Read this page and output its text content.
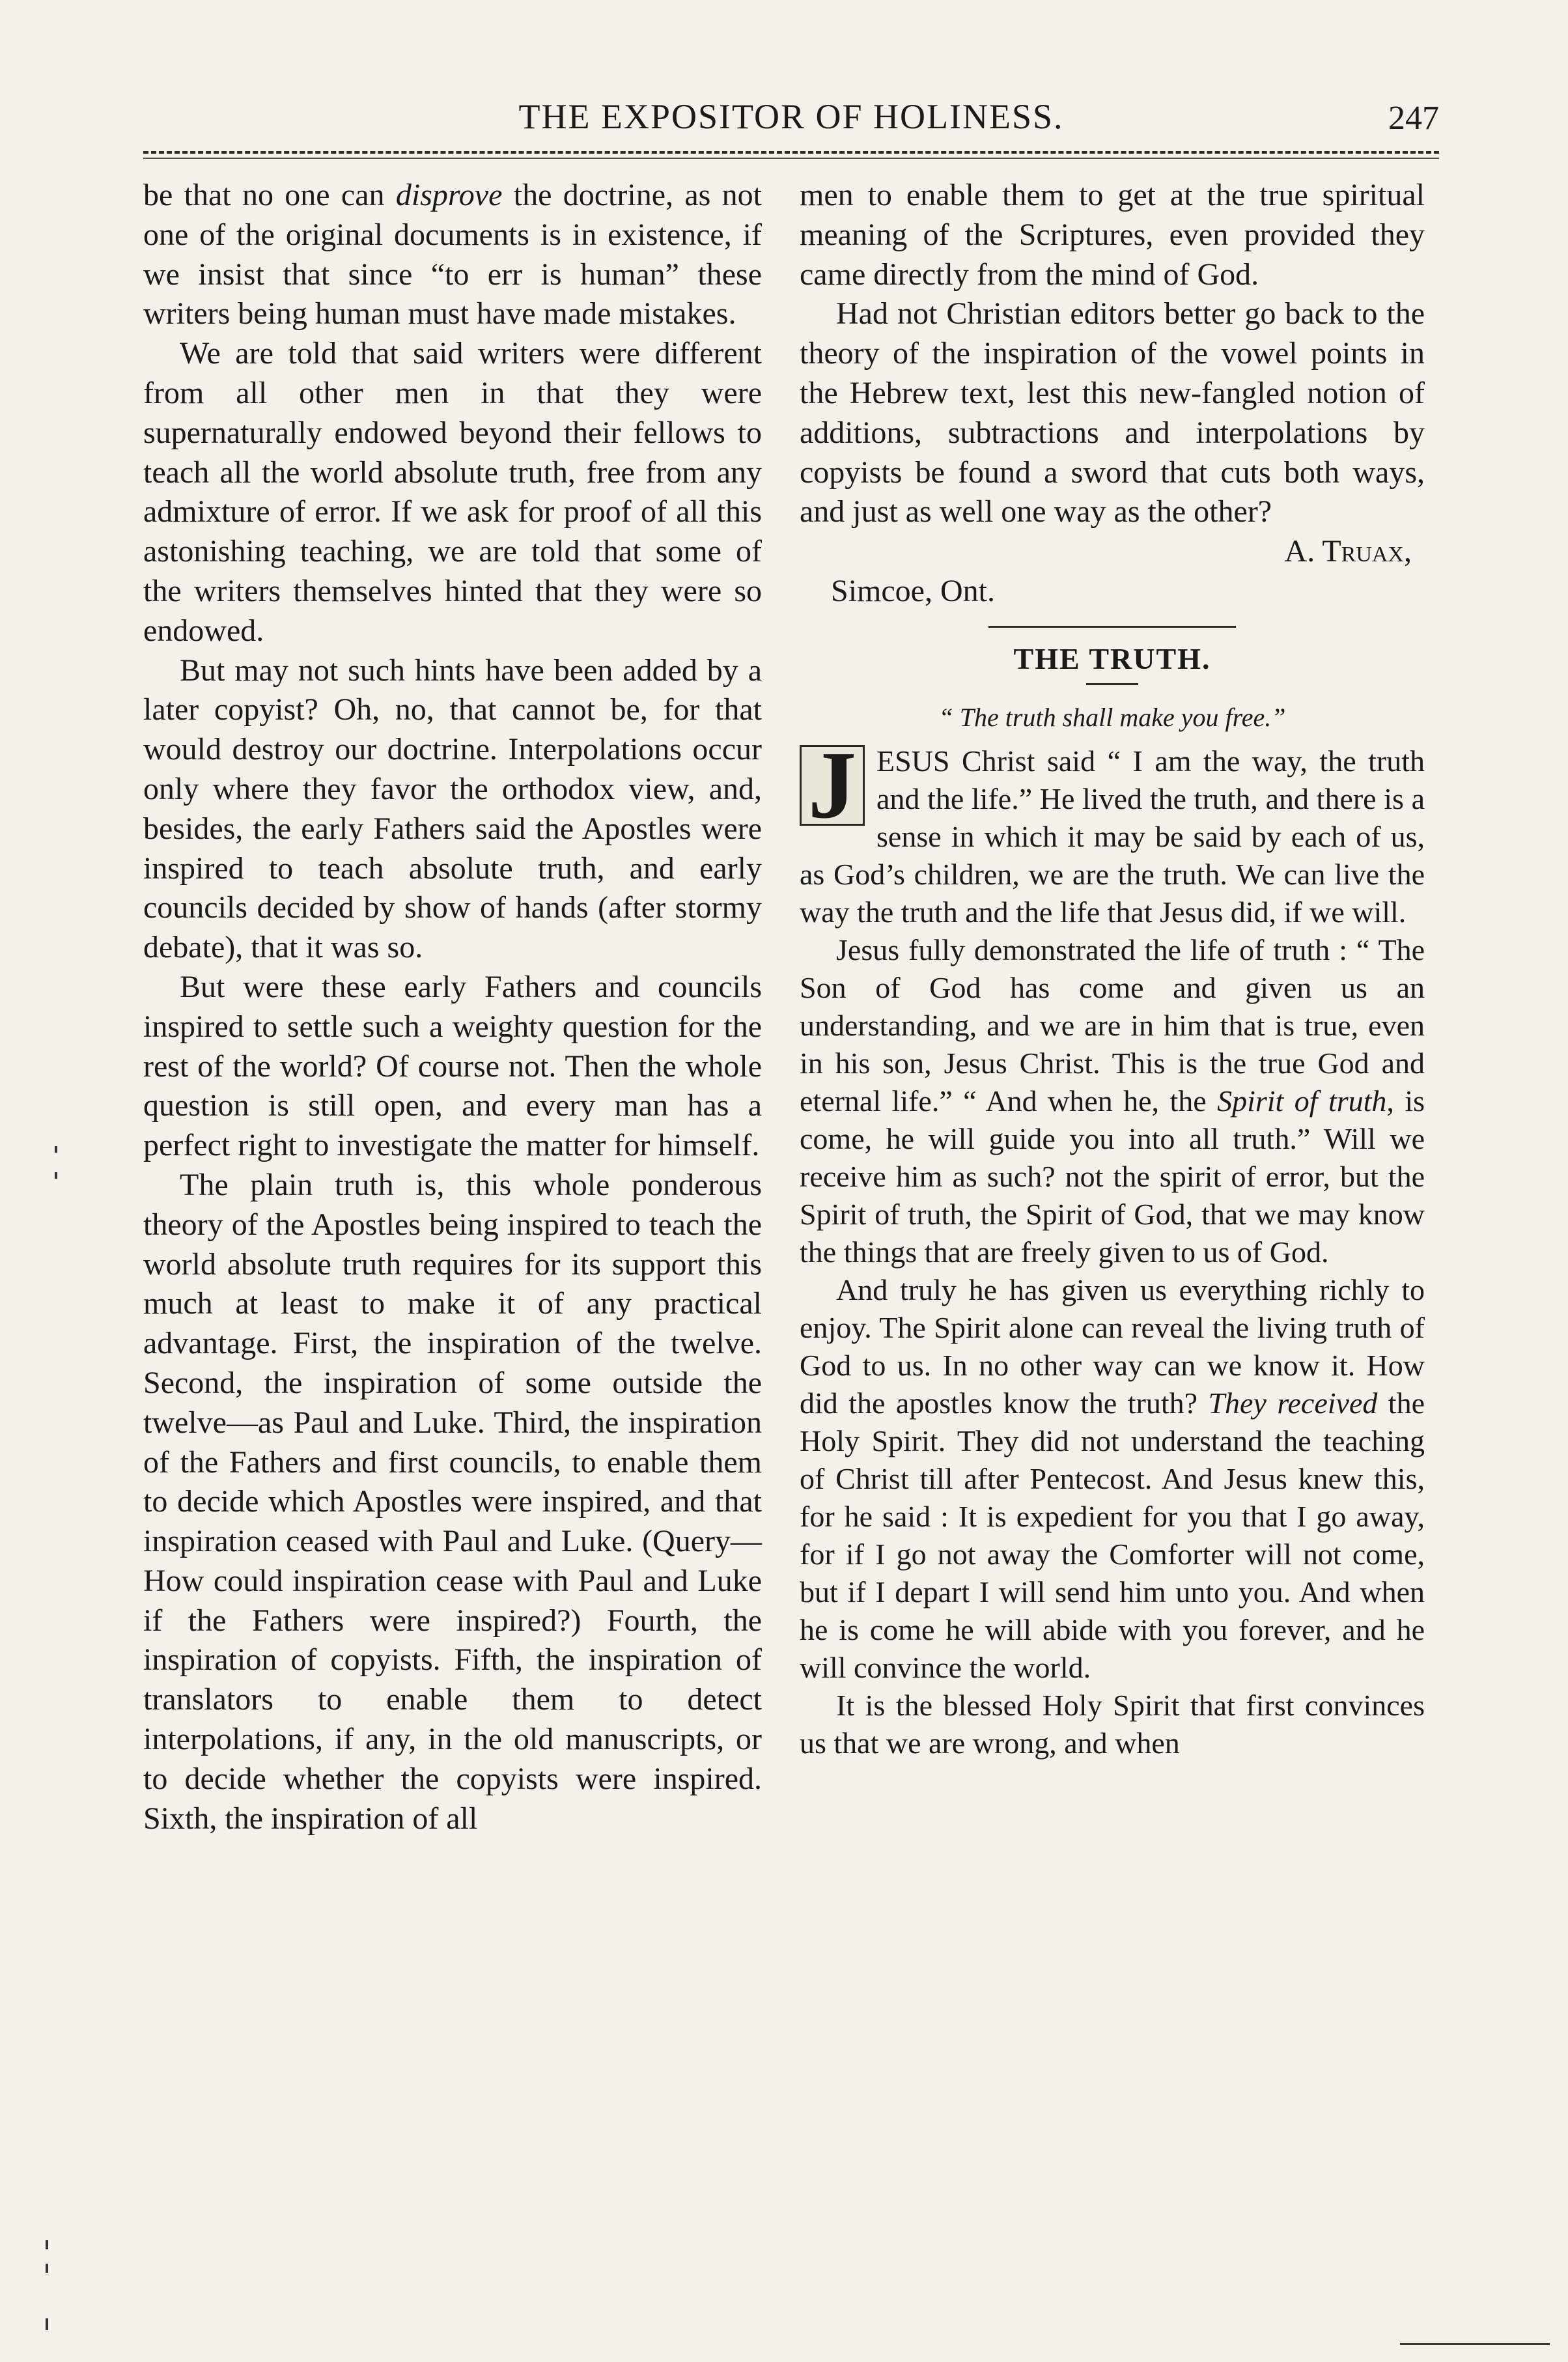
THE EXPOSITOR OF HOLINESS.	247

be that no one can disprove the doctrine, as not one of the original documents is in existence, if we insist that since “to err is human” these writers being human must have made mistakes.

We are told that said writers were different from all other men in that they were supernaturally endowed beyond their fellows to teach all the world absolute truth, free from any admixture of error. If we ask for proof of all this astonishing teaching, we are told that some of the writers themselves hinted that they were so endowed.

But may not such hints have been added by a later copyist? Oh, no, that cannot be, for that would destroy our doctrine. Interpolations occur only where they favor the orthodox view, and, besides, the early Fathers said the Apostles were inspired to teach absolute truth, and early councils decided by show of hands (after stormy debate), that it was so.

But were these early Fathers and councils inspired to settle such a weighty question for the rest of the world? Of course not. Then the whole question is still open, and every man has a perfect right to investigate the matter for himself.

The plain truth is, this whole ponderous theory of the Apostles being inspired to teach the world absolute truth requires for its support this much at least to make it of any practical advantage. First, the inspiration of the twelve. Second, the inspiration of some outside the twelve—as Paul and Luke. Third, the inspiration of the Fathers and first councils, to enable them to decide which Apostles were inspired, and that inspiration ceased with Paul and Luke. (Query—How could inspiration cease with Paul and Luke if the Fathers were inspired?) Fourth, the inspiration of copyists. Fifth, the inspiration of translators to enable them to detect interpolations, if any, in the old manuscripts, or to decide whether the copyists were inspired. Sixth, the inspiration of all

men to enable them to get at the true spiritual meaning of the Scriptures, even provided they came directly from the mind of God.

Had not Christian editors better go back to the theory of the inspiration of the vowel points in the Hebrew text, lest this new-fangled notion of additions, subtractions and interpolations by copyists be found a sword that cuts both ways, and just as well one way as the other?

A. Truax,
Simcoe, Ont.
THE TRUTH.
“ The truth shall make you free.”

J ESUS Christ said “ I am the way, the truth and the life.” He lived the truth, and there is a sense in which it may be said by each of us, as God’s children, we are the truth. We can live the way the truth and the life that Jesus did, if we will.

Jesus fully demonstrated the life of truth : “ The Son of God has come and given us an understanding, and we are in him that is true, even in his son, Jesus Christ. This is the true God and eternal life.” “ And when he, the Spirit of truth, is come, he will guide you into all truth.” Will we receive him as such? not the spirit of error, but the Spirit of truth, the Spirit of God, that we may know the things that are freely given to us of God.

And truly he has given us everything richly to enjoy. The Spirit alone can reveal the living truth of God to us. In no other way can we know it. How did the apostles know the truth? They received the Holy Spirit. They did not understand the teaching of Christ till after Pentecost. And Jesus knew this, for he said : It is expedient for you that I go away, for if I go not away the Comforter will not come, but if I depart I will send him unto you. And when he is come he will abide with you forever, and he will convince the world.

It is the blessed Holy Spirit that first convinces us that we are wrong, and when
